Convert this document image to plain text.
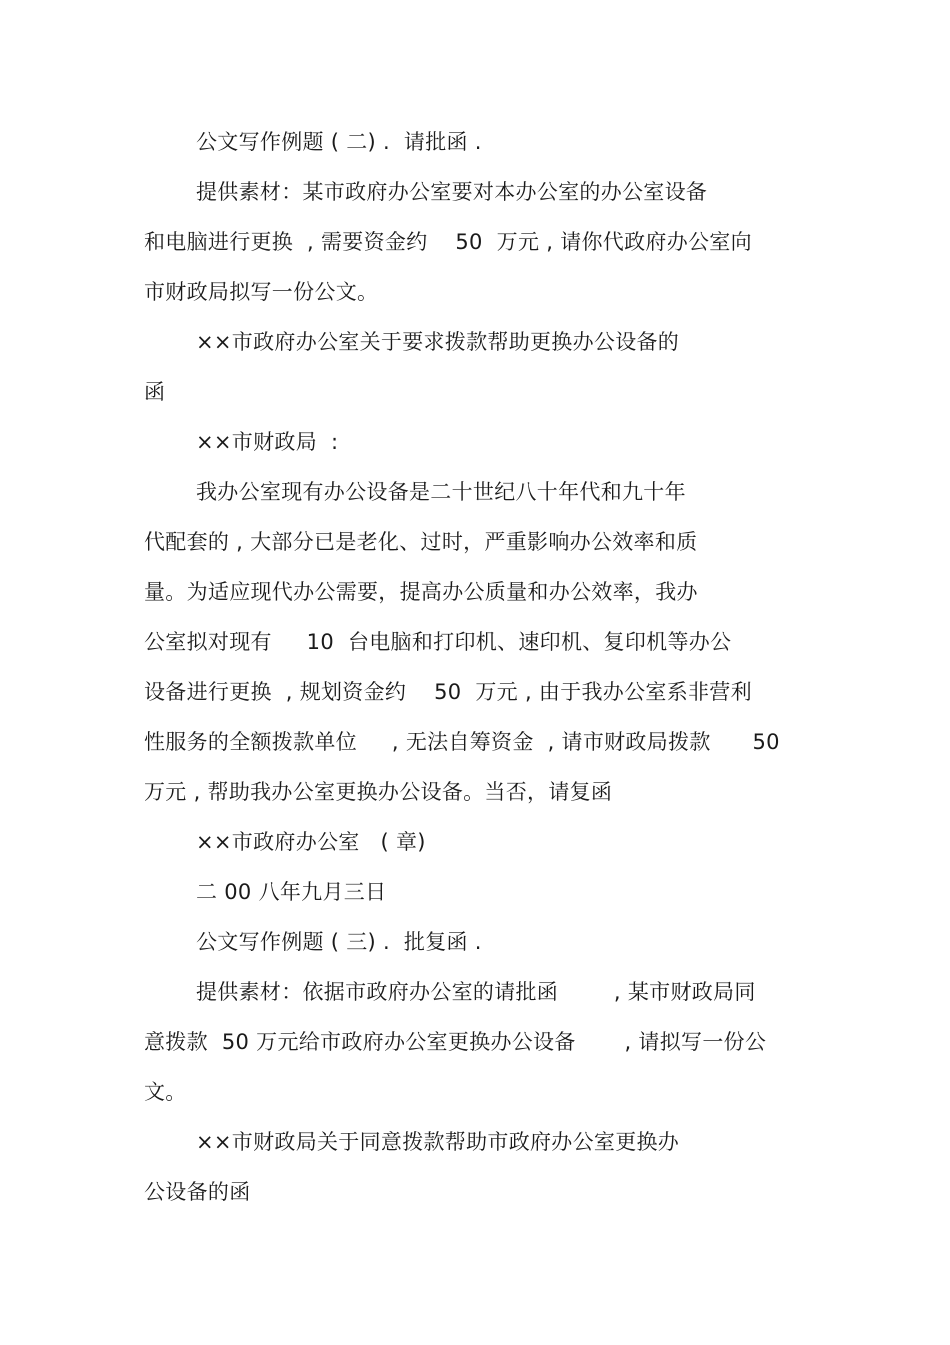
公文写作例题 ( 二) .  请批函 .
提供素材：某市政府办公室要对本办公室的办公室设备
和电脑进行更换  , 需要资金约    50  万元 , 请你代政府办公室向
市财政局拟写一份公文。
××市政府办公室关于要求拨款帮助更换办公设备的
函
××市财政局  :
我办公室现有办公设备是二十世纪八十年代和九十年
代配套的 , 大部分已是老化、过时，严重影响办公效率和质
量。为适应现代办公需要，提高办公质量和办公效率，我办
公室拟对现有     10  台电脑和打印机、速印机、复印机等办公
设备进行更换  , 规划资金约    50  万元 , 由于我办公室系非营利
性服务的全额拨款单位     , 无法自筹资金  , 请市财政局拨款      50
万元 , 帮助我办公室更换办公设备。当否，请复函
××市政府办公室   ( 章)
二 00 八年九月三日
公文写作例题 ( 三) .  批复函 .
提供素材：依据市政府办公室的请批函        , 某市财政局同
意拨款  50 万元给市政府办公室更换办公设备       , 请拟写一份公
文。
××市财政局关于同意拨款帮助市政府办公室更换办
公设备的函
